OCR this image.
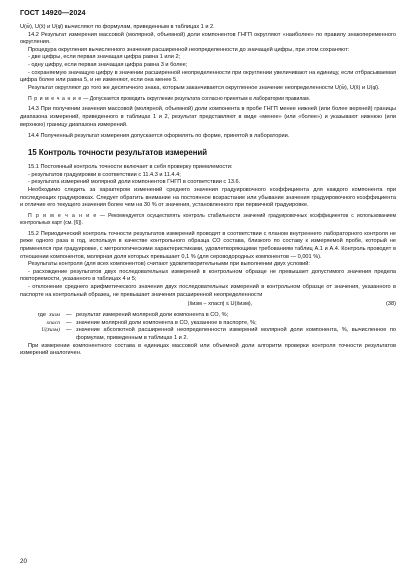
ГОСТ 14920—2024

U(w̄), U(x̄) и U(φ̄) вычисляют по формулам, приведенным в таблицах 1 и 2.

14.2 Результат измерения массовой (молярной, объемной) доли компонентов ГНГП округляют «наиболее» по правилу знакопеременного округления.

Процедура округления вычисленного значения расширенной неопределенности до значащей цифры, при этом сохраняют:

- две цифры, если первая значащая цифра равна 1 или 2;

- одну цифру, если первая значащая цифра равна 3 и более;

- сохраняемую значащую цифру в значении расширенной неопределенности при округлении увеличивают на единицу, если отбрасываемая цифра более или равна 5, и не изменяют, если она менее 5.

Результат округляют до того же десятичного знака, которым заканчивается округленное значение неопределенности U(w̄), U(x̄) и U(φ̄).

П р и м е ч а н и е — Допускается проводить округление результата согласно принятым в лаборатории правилам.

14.3 При получении значения массовой (молярной, объемной) доли компонента в пробе ГНГП менее нижней (или более верхней) границы диапазона измерений, приведенного в таблицах 1 и 2, результат представляют в виде «менее» (или «более») и указывают нижнюю (или верхнюю) границу диапазона измерений.

14.4 Полученный результат измерения допускается оформлять по форме, принятой в лаборатории.

15 Контроль точности результатов измерений

15.1 Постоянный контроль точности включает в себя проверку приемлемости:

- результатов градуировки в соответствии с 11.4.3 и 11.4.4;

- результата измерений молярной доли компонентов ГНГП в соответствии с 13.6.

Необходимо следить за характером изменений среднего значения градуировочного коэффициента для каждого компонента при последующих градуировках. Следует обратить внимание на постоянное возрастание или убывание значения градуировочного коэффициента и отличие его текущего значения более чем на 30 % от значения, установленного при первичной градуировке.

П р и м е ч а н и е — Рекомендуется осуществлять контроль стабильности значений градуировочных коэффициентов с использованием контрольных карт (см. [6]).

15.2 Периодический контроль точности результатов измерений проводят в соответствии с планом внутреннего лабораторного контроля не реже одного раза в год, используя в качестве контрольного образца СО состава, близкого по составу к измеряемой пробе, который не применялся при градуировке, с метрологическими характеристиками, удовлетворяющими требованиям таблиц А.1 и А.4. Контроль проводят в отношении компонентов, молярная доля которых превышает 0,1 % (для сероводородных компонентов — 0,001 %).

Результаты контроля (для всех компонентов) считают удовлетворительными при выполнении двух условий:

- расхождение результатов двух последовательных измерений в контрольном образце не превышает допустимого значения предела повторяемости, указанного в таблицах 4 и 5;

- отклонение среднего арифметического значения двух последовательных измерений в контрольном образце от значения, указанного в паспорте на контрольный образец, не превышает значения расширенной неопределенности

|x̄изм − xпасп| ≤ U(x̄изм),	(38)
где x̄изм — результат измерений молярной доли компонента в СО, %;
xпасп — значение молярной доли компонента в СО, указанное в паспорте, %;
U(x̄изм) — значение абсолютной расширенной неопределенности измерений молярной доли компонента, %, вычисленное по формулам, приведенным в таблицах 1 и 2.

При измерении компонентного состава в единицах массовой или объемной доли алгоритм проверки контроля точности результатов измерений аналогичен.

20
